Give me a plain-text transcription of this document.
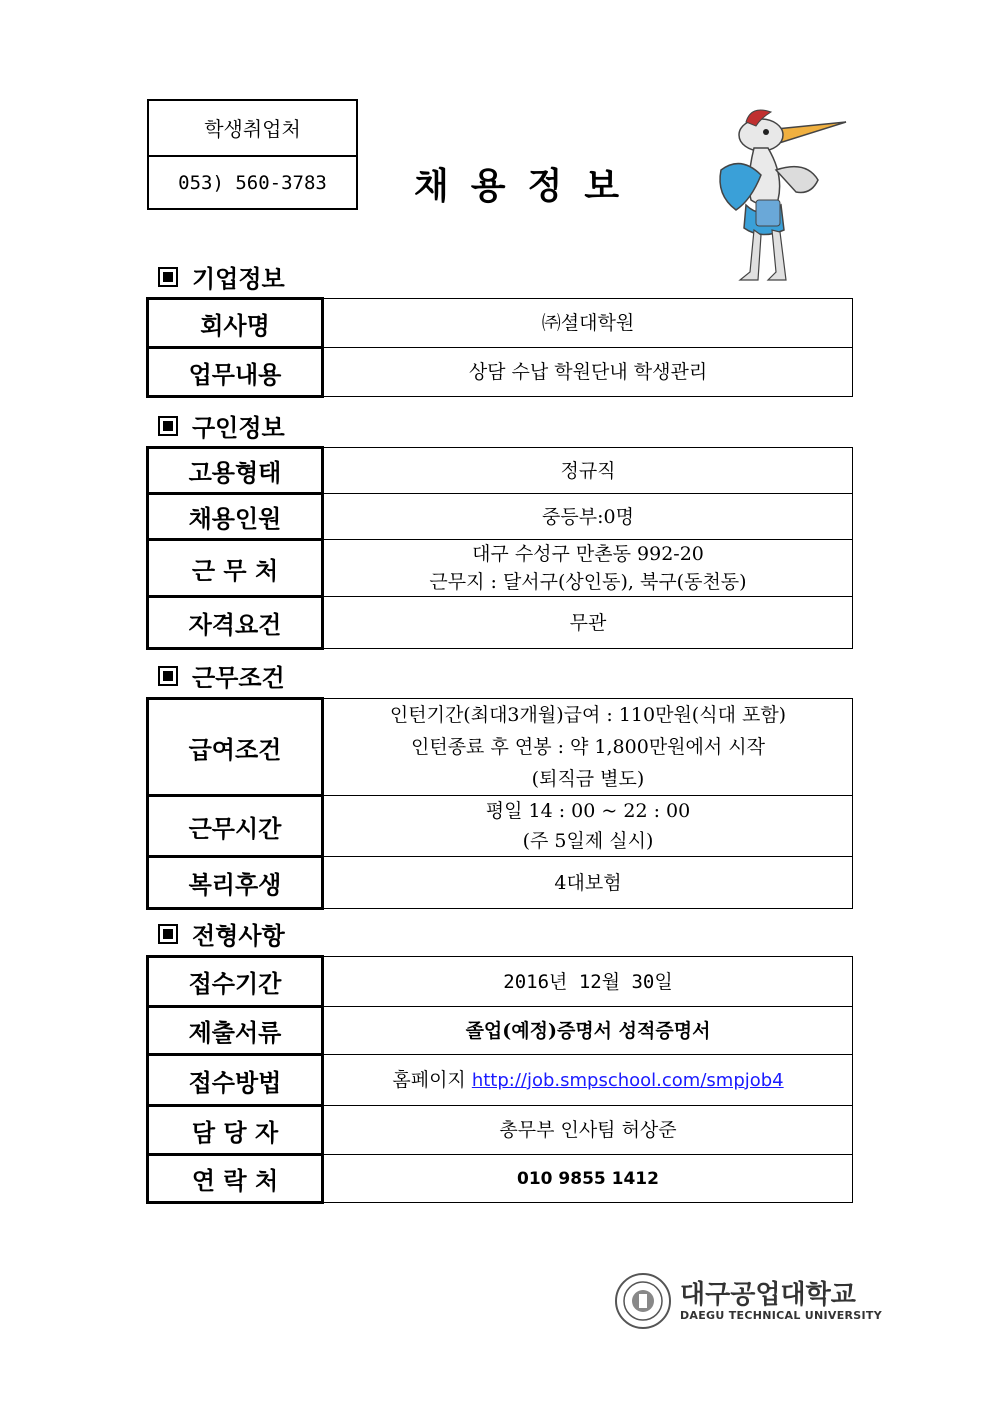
학생취업처
053) 560-3783	채용정보
기업정보
회사명	㈜셜대학원
업무내용	상담 수납 학원단내 학생관리
구인정보
고용형태	정규직
채용인원	중등부:0명
근 무 처	대구 수성구 만촌동 992-20
근무지 : 달서구(상인동), 북구(동천동)

자격요건	무관
근무조건
급여조건	인턴기간(최대3개월)급여 : 110만원(식대 포함)
인턴종료 후 연봉 : 약 1,800만원에서 시작
(퇴직금 별도)

근무시간	평일 14 : 00 ~ 22 : 00
(주 5일제 실시)

복리후생	4대보험
전형사항
접수기간	2016년 12월 30일
제출서류	졸업(예정)증명서 성적증명서
접수방법	홈페이지 http://job.smpschool.com/smpjob4
담 당 자	총무부 인사팀 허상준
연 락 처	010 9855 1412
대구공업대학교
DAEGU TECHNICAL UNIVERSITY
